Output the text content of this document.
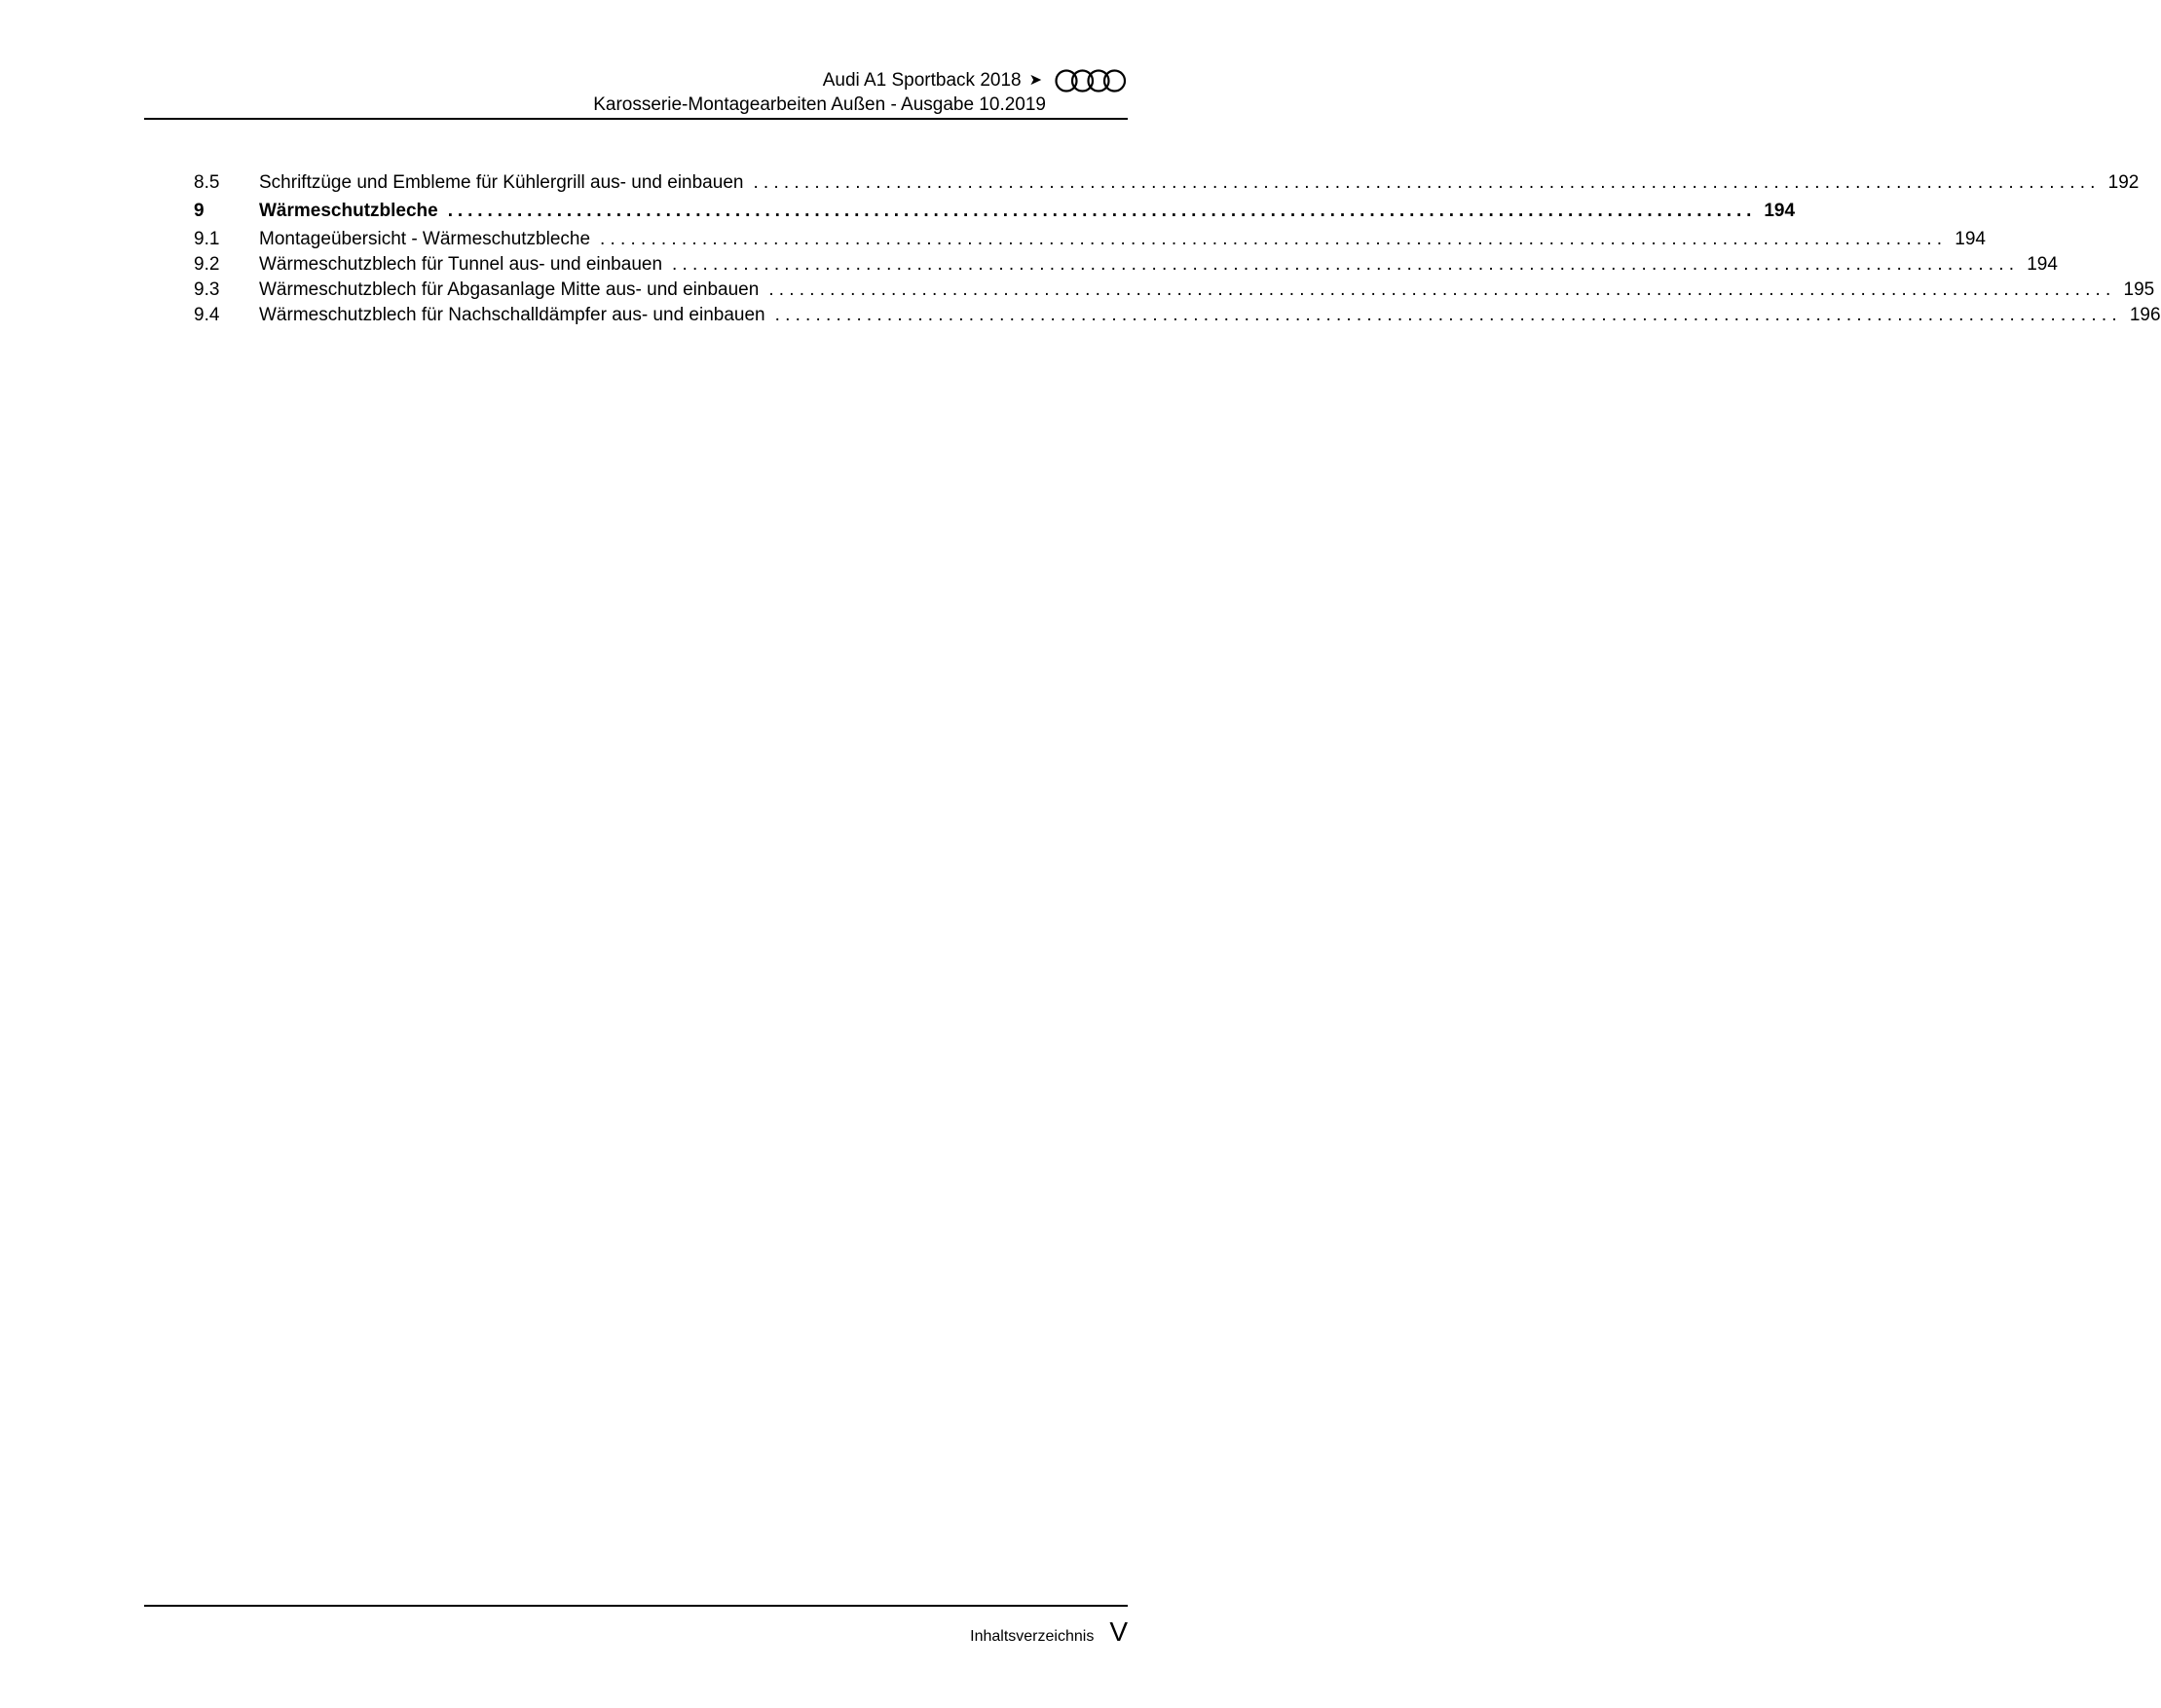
Audi A1 Sportback 2018 ➤
Karosserie-Montagearbeiten Außen - Ausgabe 10.2019
8.5	Schriftzüge und Embleme für Kühlergrill aus- und einbauen .................................................................................................................................... 192
9	Wärmeschutzbleche .................................................................................................................................... 194
9.1	Montageübersicht - Wärmeschutzbleche .................................................................................................................................... 194
9.2	Wärmeschutzblech für Tunnel aus- und einbauen .................................................................................................................................... 194
9.3	Wärmeschutzblech für Abgasanlage Mitte aus- und einbauen .................................................................................................................................... 195
9.4	Wärmeschutzblech für Nachschalldämpfer aus- und einbauen .................................................................................................................................... 196
Inhaltsverzeichnis V
